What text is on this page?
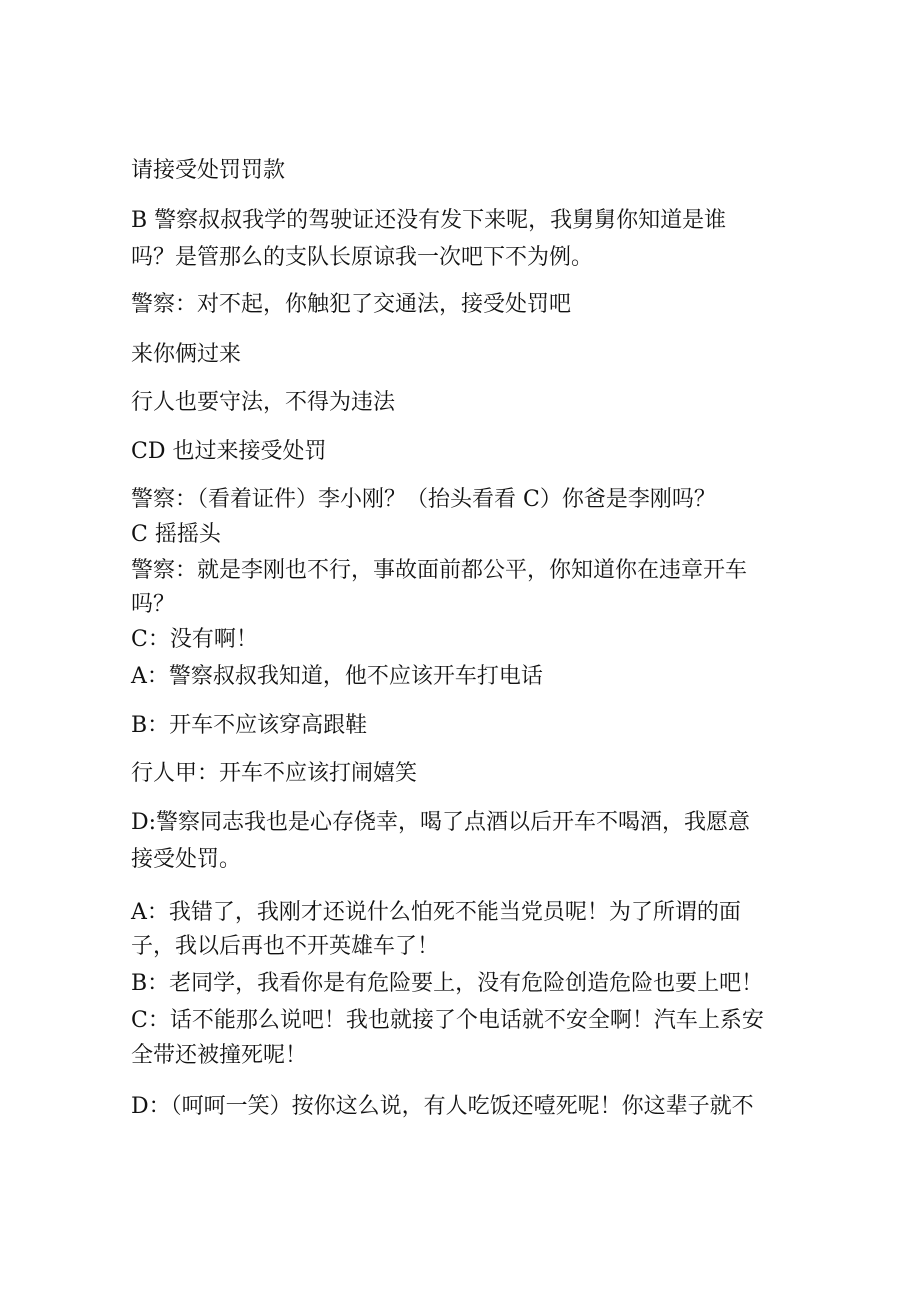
请接受处罚罚款

B 警察叔叔我学的驾驶证还没有发下来呢，我舅舅你知道是谁

吗？是管那么的支队长原谅我一次吧下不为例。

警察：对不起，你触犯了交通法，接受处罚吧

来你俩过来

行人也要守法，不得为违法

CD 也过来接受处罚

警察：（看着证件）李小刚？（抬头看看 C）你爸是李刚吗？

C 摇摇头

警察：就是李刚也不行，事故面前都公平，你知道你在违章开车

吗？

C：没有啊！

A：警察叔叔我知道，他不应该开车打电话

B：开车不应该穿高跟鞋

行人甲：开车不应该打闹嬉笑

D:警察同志我也是心存侥幸，喝了点酒以后开车不喝酒，我愿意

接受处罚。

A：我错了，我刚才还说什么怕死不能当党员呢！为了所谓的面

子，我以后再也不开英雄车了！

B：老同学，我看你是有危险要上，没有危险创造危险也要上吧！

C：话不能那么说吧！我也就接了个电话就不安全啊！汽车上系安

全带还被撞死呢！

D：（呵呵一笑）按你这么说，有人吃饭还噎死呢！你这辈子就不
